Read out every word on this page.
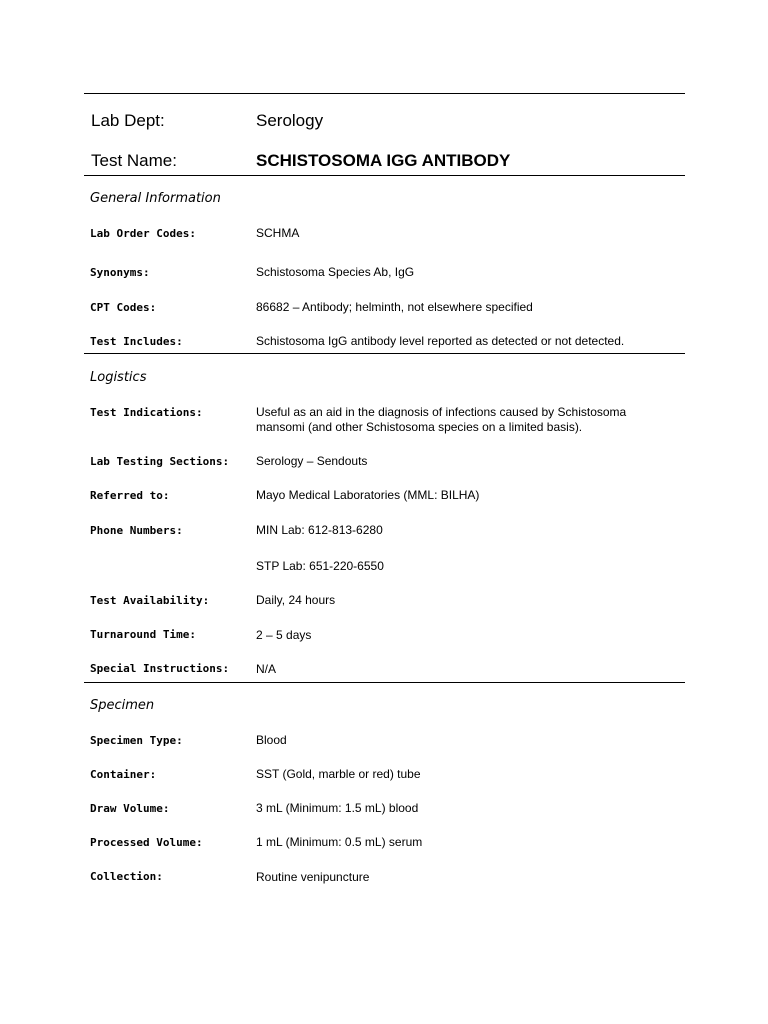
Lab Dept:	Serology
Test Name:	SCHISTOSOMA IGG ANTIBODY
General Information
Lab Order Codes:	SCHMA
Synonyms:	Schistosoma Species Ab, IgG
CPT Codes:	86682 – Antibody; helminth, not elsewhere specified
Test Includes:	Schistosoma IgG antibody level reported as detected or not detected.
Logistics
Test Indications:	Useful as an aid in the diagnosis of infections caused by Schistosoma mansomi (and other Schistosoma species on a limited basis).
Lab Testing Sections: Serology – Sendouts
Referred to:	Mayo Medical Laboratories (MML: BILHA)
Phone Numbers:	MIN Lab: 612-813-6280
STP Lab: 651-220-6550
Test Availability:	Daily, 24 hours
Turnaround Time:	2 – 5 days
Special Instructions: N/A
Specimen
Specimen Type:	Blood
Container:	SST (Gold, marble or red) tube
Draw Volume:	3 mL (Minimum: 1.5 mL) blood
Processed Volume:	1 mL (Minimum: 0.5 mL) serum
Collection:	Routine venipuncture
